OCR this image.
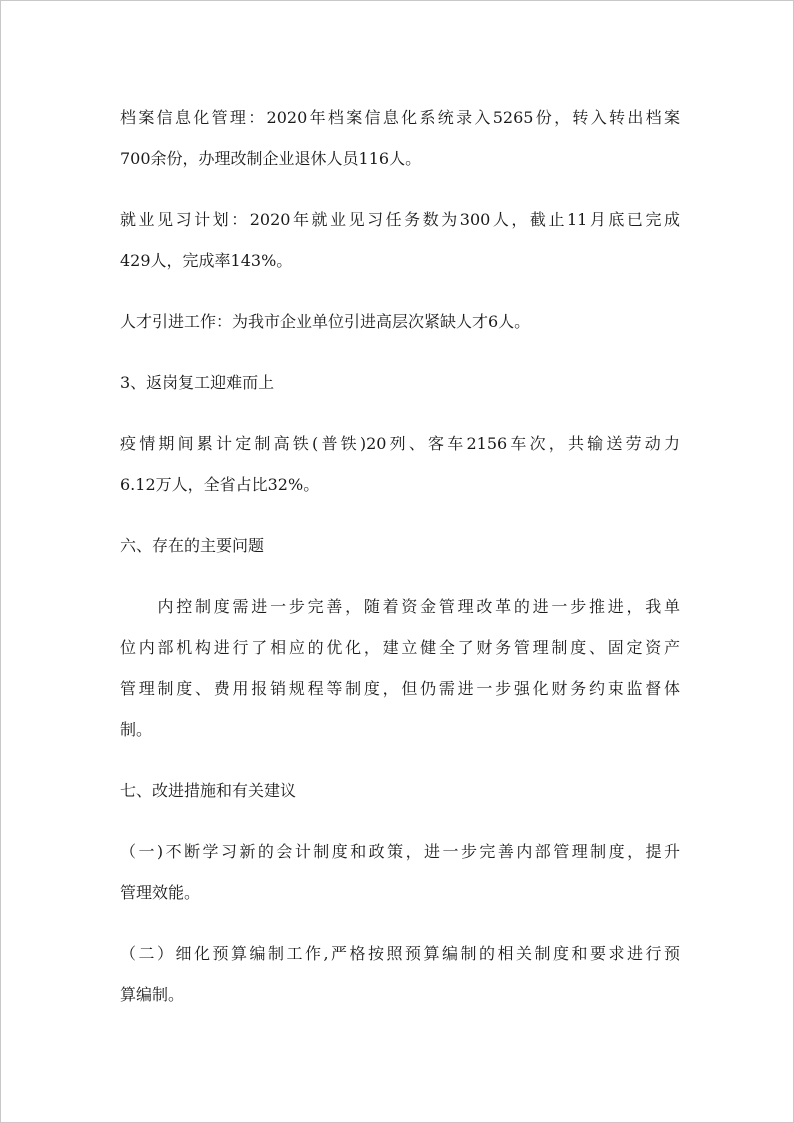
档案信息化管理：2020年档案信息化系统录入5265份，转入转出档案
700余份，办理改制企业退休人员116人。

就业见习计划：2020年就业见习任务数为300人，截止11月底已完成
429人，完成率143%。

人才引进工作：为我市企业单位引进高层次紧缺人才6人。

3、返岗复工迎难而上

疫情期间累计定制高铁(普铁)20列、客车2156车次，共输送劳动力
6.12万人，全省占比32%。

六、存在的主要问题

　　内控制度需进一步完善，随着资金管理改革的进一步推进，我单
位内部机构进行了相应的优化，建立健全了财务管理制度、固定资产
管理制度、费用报销规程等制度，但仍需进一步强化财务约束监督体
制。

七、改进措施和有关建议

（一)不断学习新的会计制度和政策，进一步完善内部管理制度，提升
管理效能。

（二）细化预算编制工作,严格按照预算编制的相关制度和要求进行预
算编制。
